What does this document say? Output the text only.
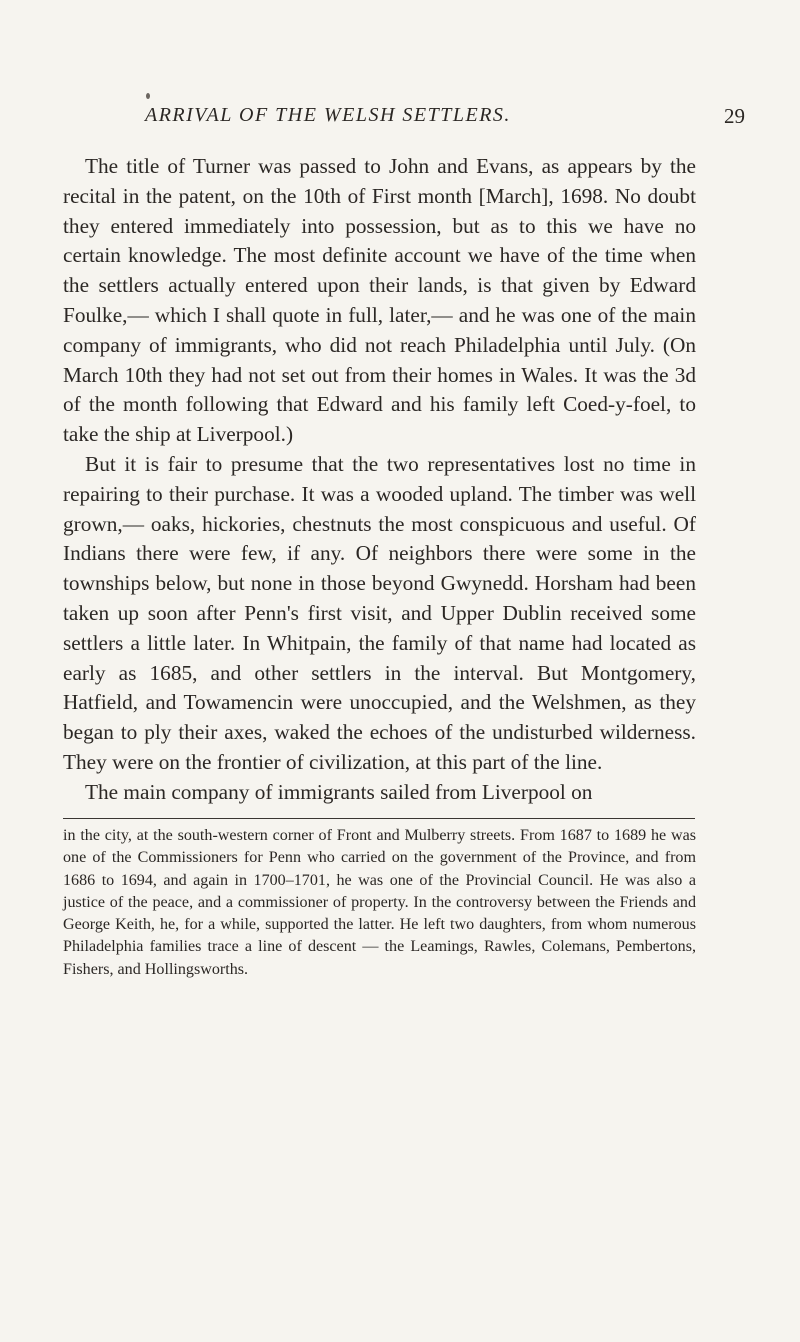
ARRIVAL OF THE WELSH SETTLERS.	29

The title of Turner was passed to John and Evans, as appears by the recital in the patent, on the 10th of First month [March], 1698. No doubt they entered immediately into possession, but as to this we have no certain knowledge. The most definite account we have of the time when the settlers actually entered upon their lands, is that given by Edward Foulke,— which I shall quote in full, later,— and he was one of the main company of immigrants, who did not reach Philadelphia until July. (On March 10th they had not set out from their homes in Wales. It was the 3d of the month following that Edward and his family left Coed-y-foel, to take the ship at Liverpool.)

But it is fair to presume that the two representatives lost no time in repairing to their purchase. It was a wooded upland. The timber was well grown,— oaks, hickories, chestnuts the most conspicuous and useful. Of Indians there were few, if any. Of neighbors there were some in the townships below, but none in those beyond Gwynedd. Horsham had been taken up soon after Penn's first visit, and Upper Dublin received some settlers a little later. In Whitpain, the family of that name had located as early as 1685, and other settlers in the interval. But Montgomery, Hatfield, and Towamencin were unoccupied, and the Welshmen, as they began to ply their axes, waked the echoes of the undisturbed wilderness. They were on the frontier of civilization, at this part of the line.

The main company of immigrants sailed from Liverpool on

in the city, at the south-western corner of Front and Mulberry streets. From 1687 to 1689 he was one of the Commissioners for Penn who carried on the government of the Province, and from 1686 to 1694, and again in 1700–1701, he was one of the Provincial Council. He was also a justice of the peace, and a commissioner of property. In the controversy between the Friends and George Keith, he, for a while, supported the latter. He left two daughters, from whom numerous Philadelphia families trace a line of descent — the Leamings, Rawles, Colemans, Pembertons, Fishers, and Hollingsworths.
